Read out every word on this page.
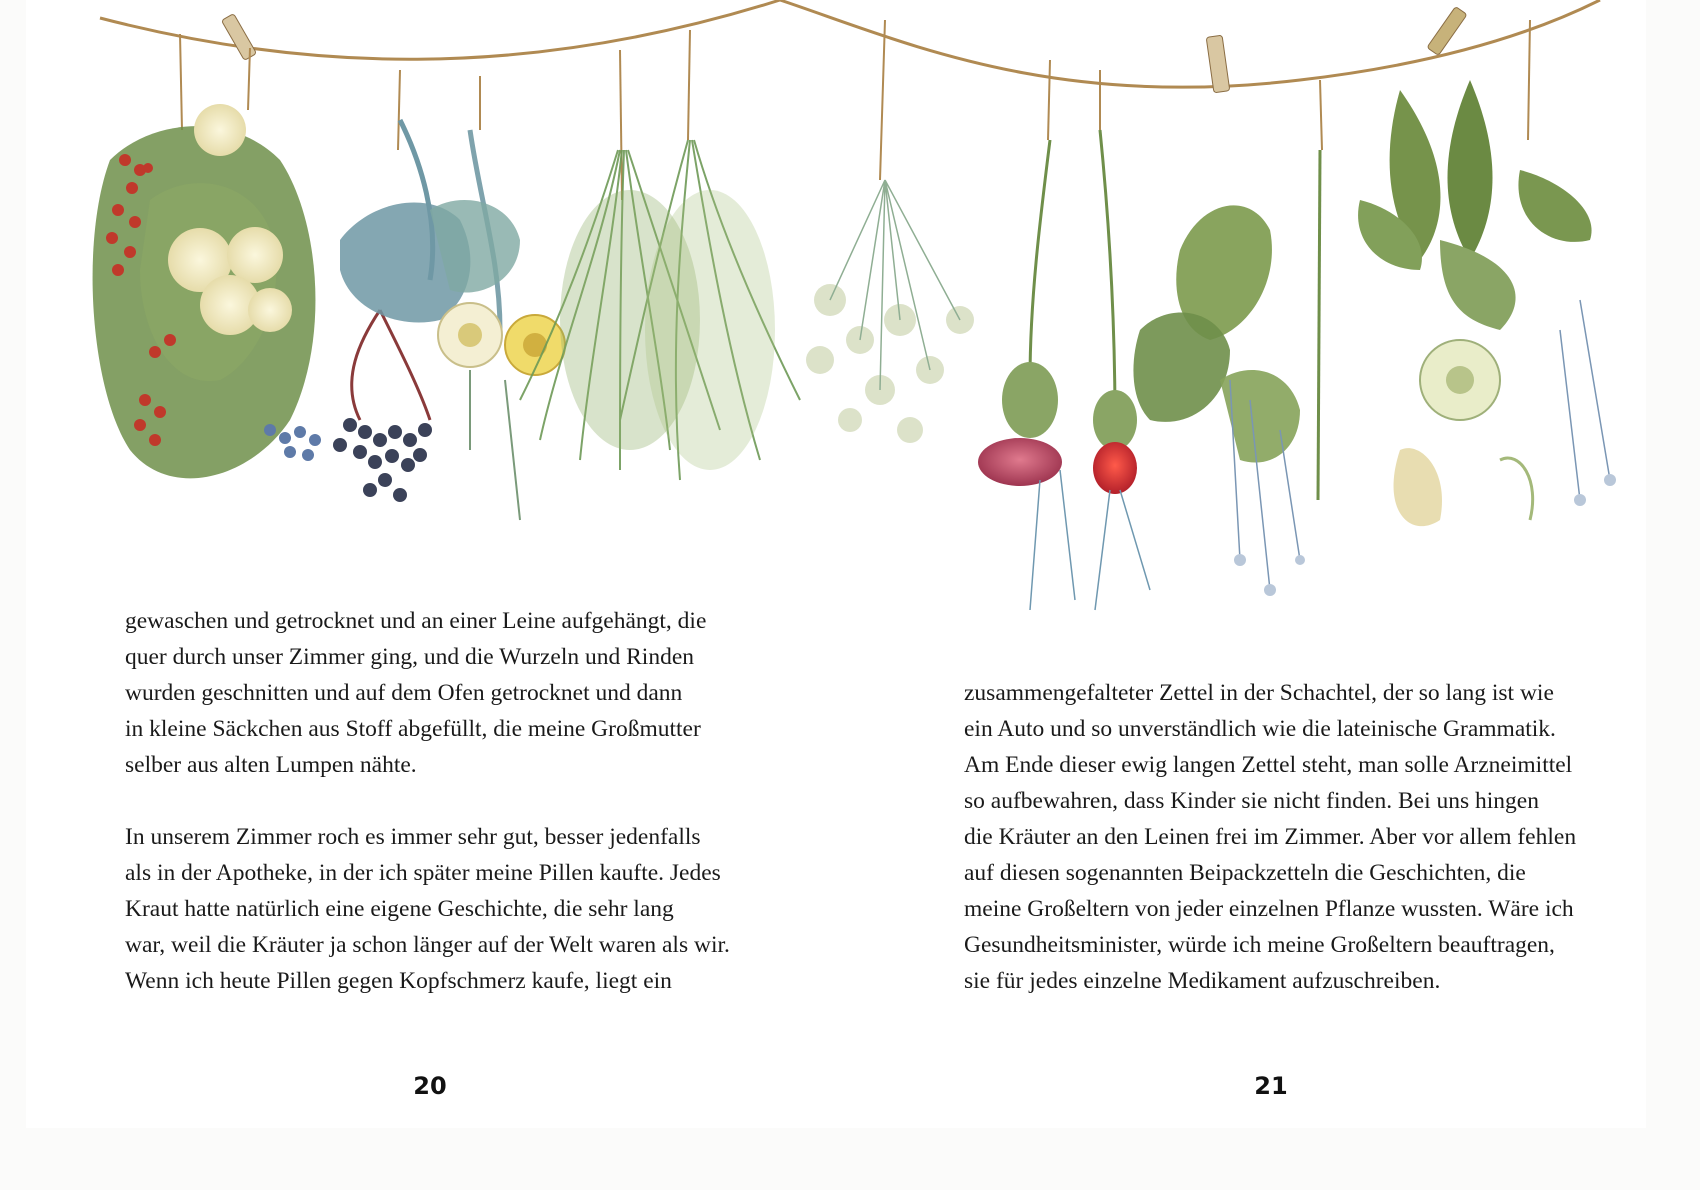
gewaschen und getrocknet und an einer Leine aufgehängt, die

quer durch unser Zimmer ging, und die Wurzeln und Rinden

wurden geschnitten und auf dem Ofen getrocknet und dann

in kleine Säckchen aus Stoff abgefüllt, die meine Großmutter

selber aus alten Lumpen nähte.

In unserem Zimmer roch es immer sehr gut, besser jedenfalls

als in der Apotheke, in der ich später meine Pillen kaufte. Jedes

Kraut hatte natürlich eine eigene Geschichte, die sehr lang

war, weil die Kräuter ja schon länger auf der Welt waren als wir.

Wenn ich heute Pillen gegen Kopfschmerz kaufe, liegt ein

zusammengefalteter Zettel in der Schachtel, der so lang ist wie

ein Auto und so unverständlich wie die lateinische Grammatik.

Am Ende dieser ewig langen Zettel steht, man solle Arzneimittel

so aufbewahren, dass Kinder sie nicht finden. Bei uns hingen

die Kräuter an den Leinen frei im Zimmer. Aber vor allem fehlen

auf diesen sogenannten Beipackzetteln die Geschichten, die

meine Großeltern von jeder einzelnen Pflanze wussten. Wäre ich

Gesundheitsminister, würde ich meine Großeltern beauftragen,

sie für jedes einzelne Medikament aufzuschreiben.

20	21
